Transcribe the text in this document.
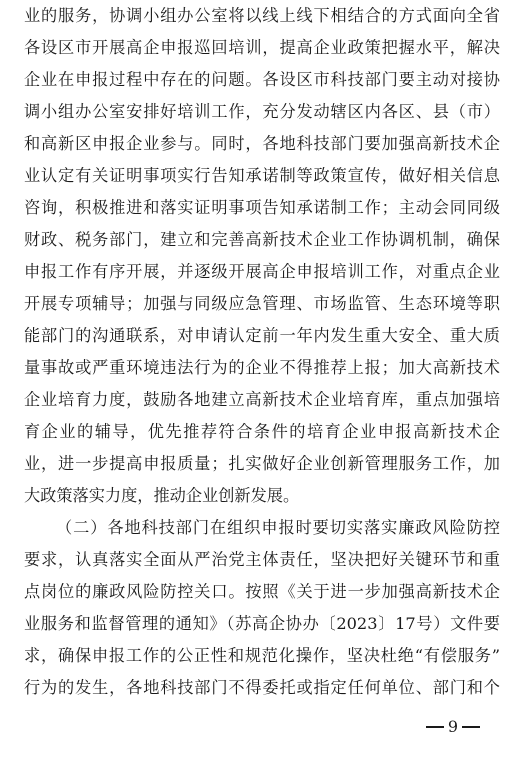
业的服务，协调小组办公室将以线上线下相结合的方式面向全省
各设区市开展高企申报巡回培训，提高企业政策把握水平，解决
企业在申报过程中存在的问题。各设区市科技部门要主动对接协
调小组办公室安排好培训工作，充分发动辖区内各区、县（市）
和高新区申报企业参与。同时，各地科技部门要加强高新技术企
业认定有关证明事项实行告知承诺制等政策宣传，做好相关信息
咨询，积极推进和落实证明事项告知承诺制工作；主动会同同级
财政、税务部门，建立和完善高新技术企业工作协调机制，确保
申报工作有序开展，并逐级开展高企申报培训工作，对重点企业
开展专项辅导；加强与同级应急管理、市场监管、生态环境等职
能部门的沟通联系，对申请认定前一年内发生重大安全、重大质
量事故或严重环境违法行为的企业不得推荐上报；加大高新技术
企业培育力度，鼓励各地建立高新技术企业培育库，重点加强培
育企业的辅导，优先推荐符合条件的培育企业申报高新技术企
业，进一步提高申报质量；扎实做好企业创新管理服务工作，加
大政策落实力度，推动企业创新发展。
（二）各地科技部门在组织申报时要切实落实廉政风险防控
要求，认真落实全面从严治党主体责任，坚决把好关键环节和重
点岗位的廉政风险防控关口。按照《关于进一步加强高新技术企
业服务和监督管理的通知》（苏高企协办〔2023〕17号）文件要
求，确保申报工作的公正性和规范化操作，坚决杜绝“有偿服务”
行为的发生，各地科技部门不得委托或指定任何单位、部门和个
9
